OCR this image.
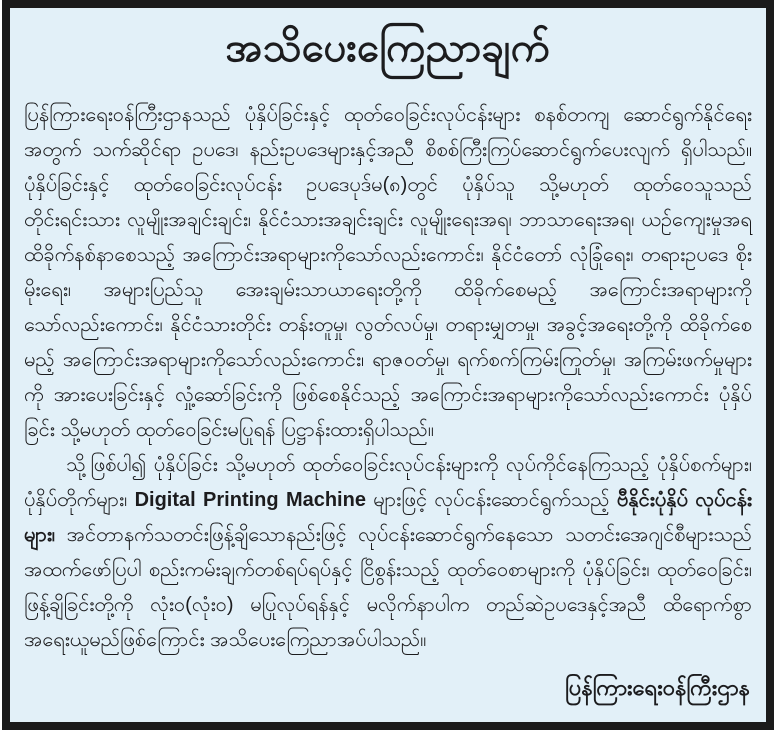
အသိပေးကြေညာချက်

ပြန်ကြားရေးဝန်ကြီးဌာနသည် ပုံနှိပ်ခြင်းနှင့် ထုတ်ဝေခြင်းလုပ်ငန်းများ စနစ်တကျ ဆောင်ရွက်နိုင်ရေးအတွက် သက်ဆိုင်ရာ ဥပဒေ၊ နည်းဥပဒေများနှင့်အညီ စိစစ်ကြီးကြပ်ဆောင်ရွက်ပေးလျက် ရှိပါသည်။ ပုံနှိပ်ခြင်းနှင့် ထုတ်ဝေခြင်းလုပ်ငန်း ဥပဒေပုဒ်မ(၈)တွင် ပုံနှိပ်သူ သို့မဟုတ် ထုတ်ဝေသူသည် တိုင်းရင်းသား လူမျိုးအချင်းချင်း၊ နိုင်ငံသားအချင်းချင်း လူမျိုးရေးအရ၊ ဘာသာရေးအရ၊ ယဉ်ကျေးမှုအရ ထိခိုက်နစ်နာစေသည့် အကြောင်းအရာများကိုသော်လည်းကောင်း၊ နိုင်ငံတော် လုံခြုံရေး၊ တရားဥပဒေ စိုးမိုးရေး၊ အများပြည်သူ အေးချမ်းသာယာရေးတို့ကို ထိခိုက်စေမည့် အကြောင်းအရာများကိုသော်လည်းကောင်း၊ နိုင်ငံသားတိုင်း တန်းတူမှု၊ လွတ်လပ်မှု၊ တရားမျှတမှု၊ အခွင့်အရေးတို့ကို ထိခိုက်စေမည့် အကြောင်းအရာများကိုသော်လည်းကောင်း၊ ရာဇဝတ်မှု၊ ရက်စက်ကြမ်းကြုတ်မှု၊ အကြမ်းဖက်မှုများကို အားပေးခြင်းနှင့် လှုံ့ဆော်ခြင်းကို ဖြစ်စေနိုင်သည့် အကြောင်းအရာများကိုသော်လည်းကောင်း ပုံနှိပ်ခြင်း သို့မဟုတ် ထုတ်ဝေခြင်းမပြုရန် ပြဋ္ဌာန်းထားရှိပါသည်။

သို့ဖြစ်ပါ၍ ပုံနှိပ်ခြင်း သို့မဟုတ် ထုတ်ဝေခြင်းလုပ်ငန်းများကို လုပ်ကိုင်နေကြသည့် ပုံနှိပ်စက်များ၊ ပုံနှိပ်တိုက်များ၊ Digital Printing Machine များဖြင့် လုပ်ငန်းဆောင်ရွက်သည့် ဗီနိုင်းပုံနှိပ် လုပ်ငန်းများ၊ အင်တာနက်သတင်းဖြန့်ချိသောနည်းဖြင့် လုပ်ငန်းဆောင်ရွက်နေသော သတင်းအေဂျင်စီများသည် အထက်ဖော်ပြပါ စည်းကမ်းချက်တစ်ရပ်ရပ်နှင့် ငြိစွန်းသည့် ထုတ်ဝေစာများကို ပုံနှိပ်ခြင်း၊ ထုတ်ဝေခြင်း၊ ဖြန့်ချိခြင်းတို့ကို လုံးဝ(လုံးဝ) မပြုလုပ်ရန်နှင့် မလိုက်နာပါက တည်ဆဲဥပဒေနှင့်အညီ ထိရောက်စွာ အရေးယူမည်ဖြစ်ကြောင်း အသိပေးကြေညာအပ်ပါသည်။

ပြန်ကြားရေးဝန်ကြီးဌာန
